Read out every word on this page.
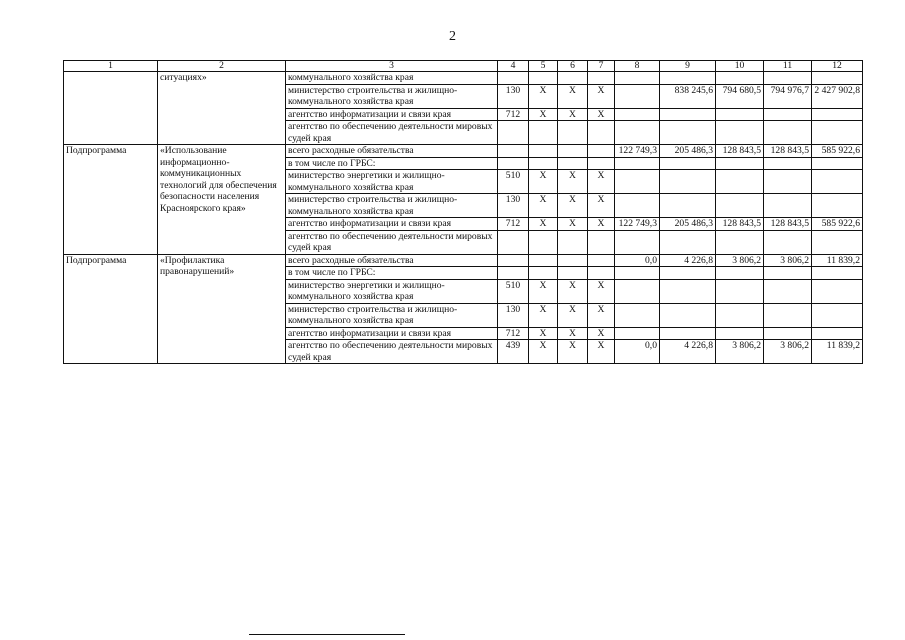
2
1	2	3	4	5	6	7	8	9	10	11	12
	ситуациях»	коммунального хозяйства края									
		министерство строительства и жилищно-коммунального хозяйства края	130	Х	Х	Х		838 245,6	794 680,5	794 976,7	2 427 902,8
		агентство информатизации и связи края	712	Х	Х	Х					
		агентство по обеспечению деятельности мировых судей края									
Подпрограмма	«Использование информационно-коммуникационных технологий для обеспечения безопасности населения Красноярского края»	всего расходные обязательства					122 749,3	205 486,3	128 843,5	128 843,5	585 922,6
		в том числе по ГРБС:									
		министерство энергетики и жилищно-коммунального хозяйства края	510	Х	Х	Х					
		министерство строительства и жилищно-коммунального хозяйства края	130	Х	Х	Х					
		агентство информатизации и связи края	712	Х	Х	Х	122 749,3	205 486,3	128 843,5	128 843,5	585 922,6
		агентство по обеспечению деятельности мировых судей края									
Подпрограмма	«Профилактика правонарушений»	всего расходные обязательства					0,0	4 226,8	3 806,2	3 806,2	11 839,2
		в том числе по ГРБС:									
		министерство энергетики и жилищно-коммунального хозяйства края	510	Х	Х	Х					
		министерство строительства и жилищно-коммунального хозяйства края	130	Х	Х	Х					
		агентство информатизации и связи края	712	Х	Х	Х					
		агентство по обеспечению деятельности мировых судей края	439	Х	Х	Х	0,0	4 226,8	3 806,2	3 806,2	11 839,2
